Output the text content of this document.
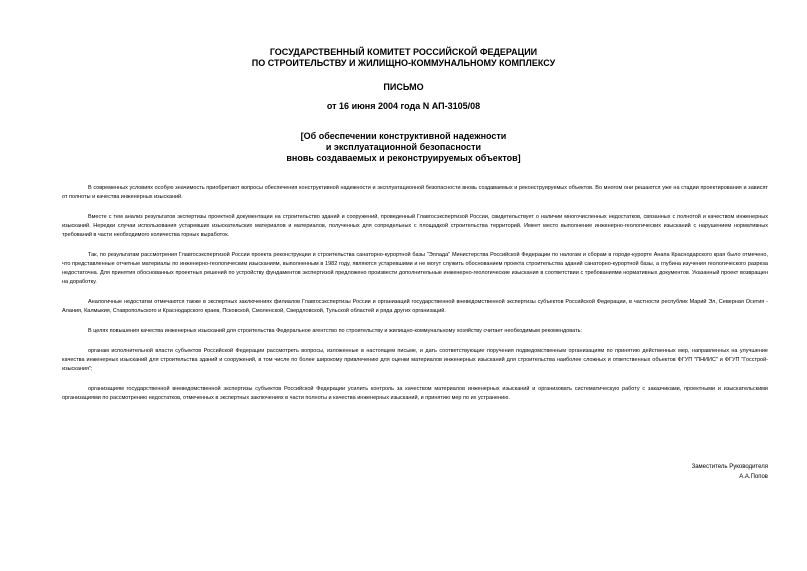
ГОСУДАРСТВЕННЫЙ КОМИТЕТ РОССИЙСКОЙ ФЕДЕРАЦИИ
ПО СТРОИТЕЛЬСТВУ И ЖИЛИЩНО-КОММУНАЛЬНОМУ КОМПЛЕКСУ
ПИСЬМО
от 16 июня 2004 года N АП-3105/08
[Об обеспечении конструктивной надежности
и эксплуатационной безопасности
вновь создаваемых и реконструируемых объектов]

В современных условиях особую значимость приобретают вопросы обеспечения конструктивной надежности и эксплуатационной безопасности вновь создаваемых и реконструируемых объектов. Во многом они решаются уже на стадии проектирования и зависят от полноты и качества инженерных изысканий.

Вместе с тем анализ результатов экспертизы проектной документации на строительство зданий и сооружений, проведенный Главгосэкспертизой России, свидетельствует о наличии многочисленных недостатков, связанных с полнотой и качеством инженерных изысканий. Нередки случаи использования устаревших изыскательских материалов и материалов, полученных для сопредельных с площадкой строительства территорий. Имеет место выполнение инженерно-геологических изысканий с нарушением нормативных требований в части необходимого количества горных выработок.

Так, по результатам рассмотрения Главгосэкспертизой России проекта реконструкции и строительства санаторно-курортной базы "Эллада" Министерства Российской Федерации по налогам и сборам в городе-курорте Анапа Краснодарского края было отмечено, что представленные отчетные материалы по инженерно-геологическим изысканиям, выполненным в 1982 году, являются устаревшими и не могут служить обоснованием проекта строительства зданий санаторно-курортной базы, а глубина изучения геологического разреза недостаточна. Для принятия обоснованных проектных решений по устройству фундаментов экспертизой предложено произвести дополнительные инженерно-геологические изыскания в соответствии с требованиями нормативных документов. Указанный проект возвращен на доработку.

Аналогичные недостатки отмечаются также в экспертных заключениях филиалов Главгосэкспертизы России и организаций государственной вневедомственной экспертизы субъектов Российской Федерации, в частности республик Марий Эл, Северная Осетия - Алания, Калмыкия, Ставропольского и Краснодарского краев, Псковской, Смоленской, Свердловской, Тульской областей и ряда других организаций.

В целях повышения качества инженерных изысканий для строительства Федеральное агентство по строительству и жилищно-коммунальному хозяйству считает необходимым рекомендовать:

органам исполнительной власти субъектов Российской Федерации рассмотреть вопросы, изложенные в настоящем письме, и дать соответствующие поручения подведомственным организациям по принятию действенных мер, направленных на улучшение качества инженерных изысканий для строительства зданий и сооружений, в том числе по более широкому привлечению для оценки материалов инженерных изысканий для строительства наиболее сложных и ответственных объектов ФГУП "ПНИИС" и ФГУП "Госстрой-изыскания";

организациям государственной вневедомственной экспертизы субъектов Российской Федерации усилить контроль за качеством материалов инженерных изысканий и организовать систематическую работу с заказчиками, проектными и изыскательскими организациями по рассмотрению недостатков, отмеченных в экспертных заключениях в части полноты и качества инженерных изысканий, и принятию мер по их устранению.

Заместитель Руководителя
А.А.Попов
